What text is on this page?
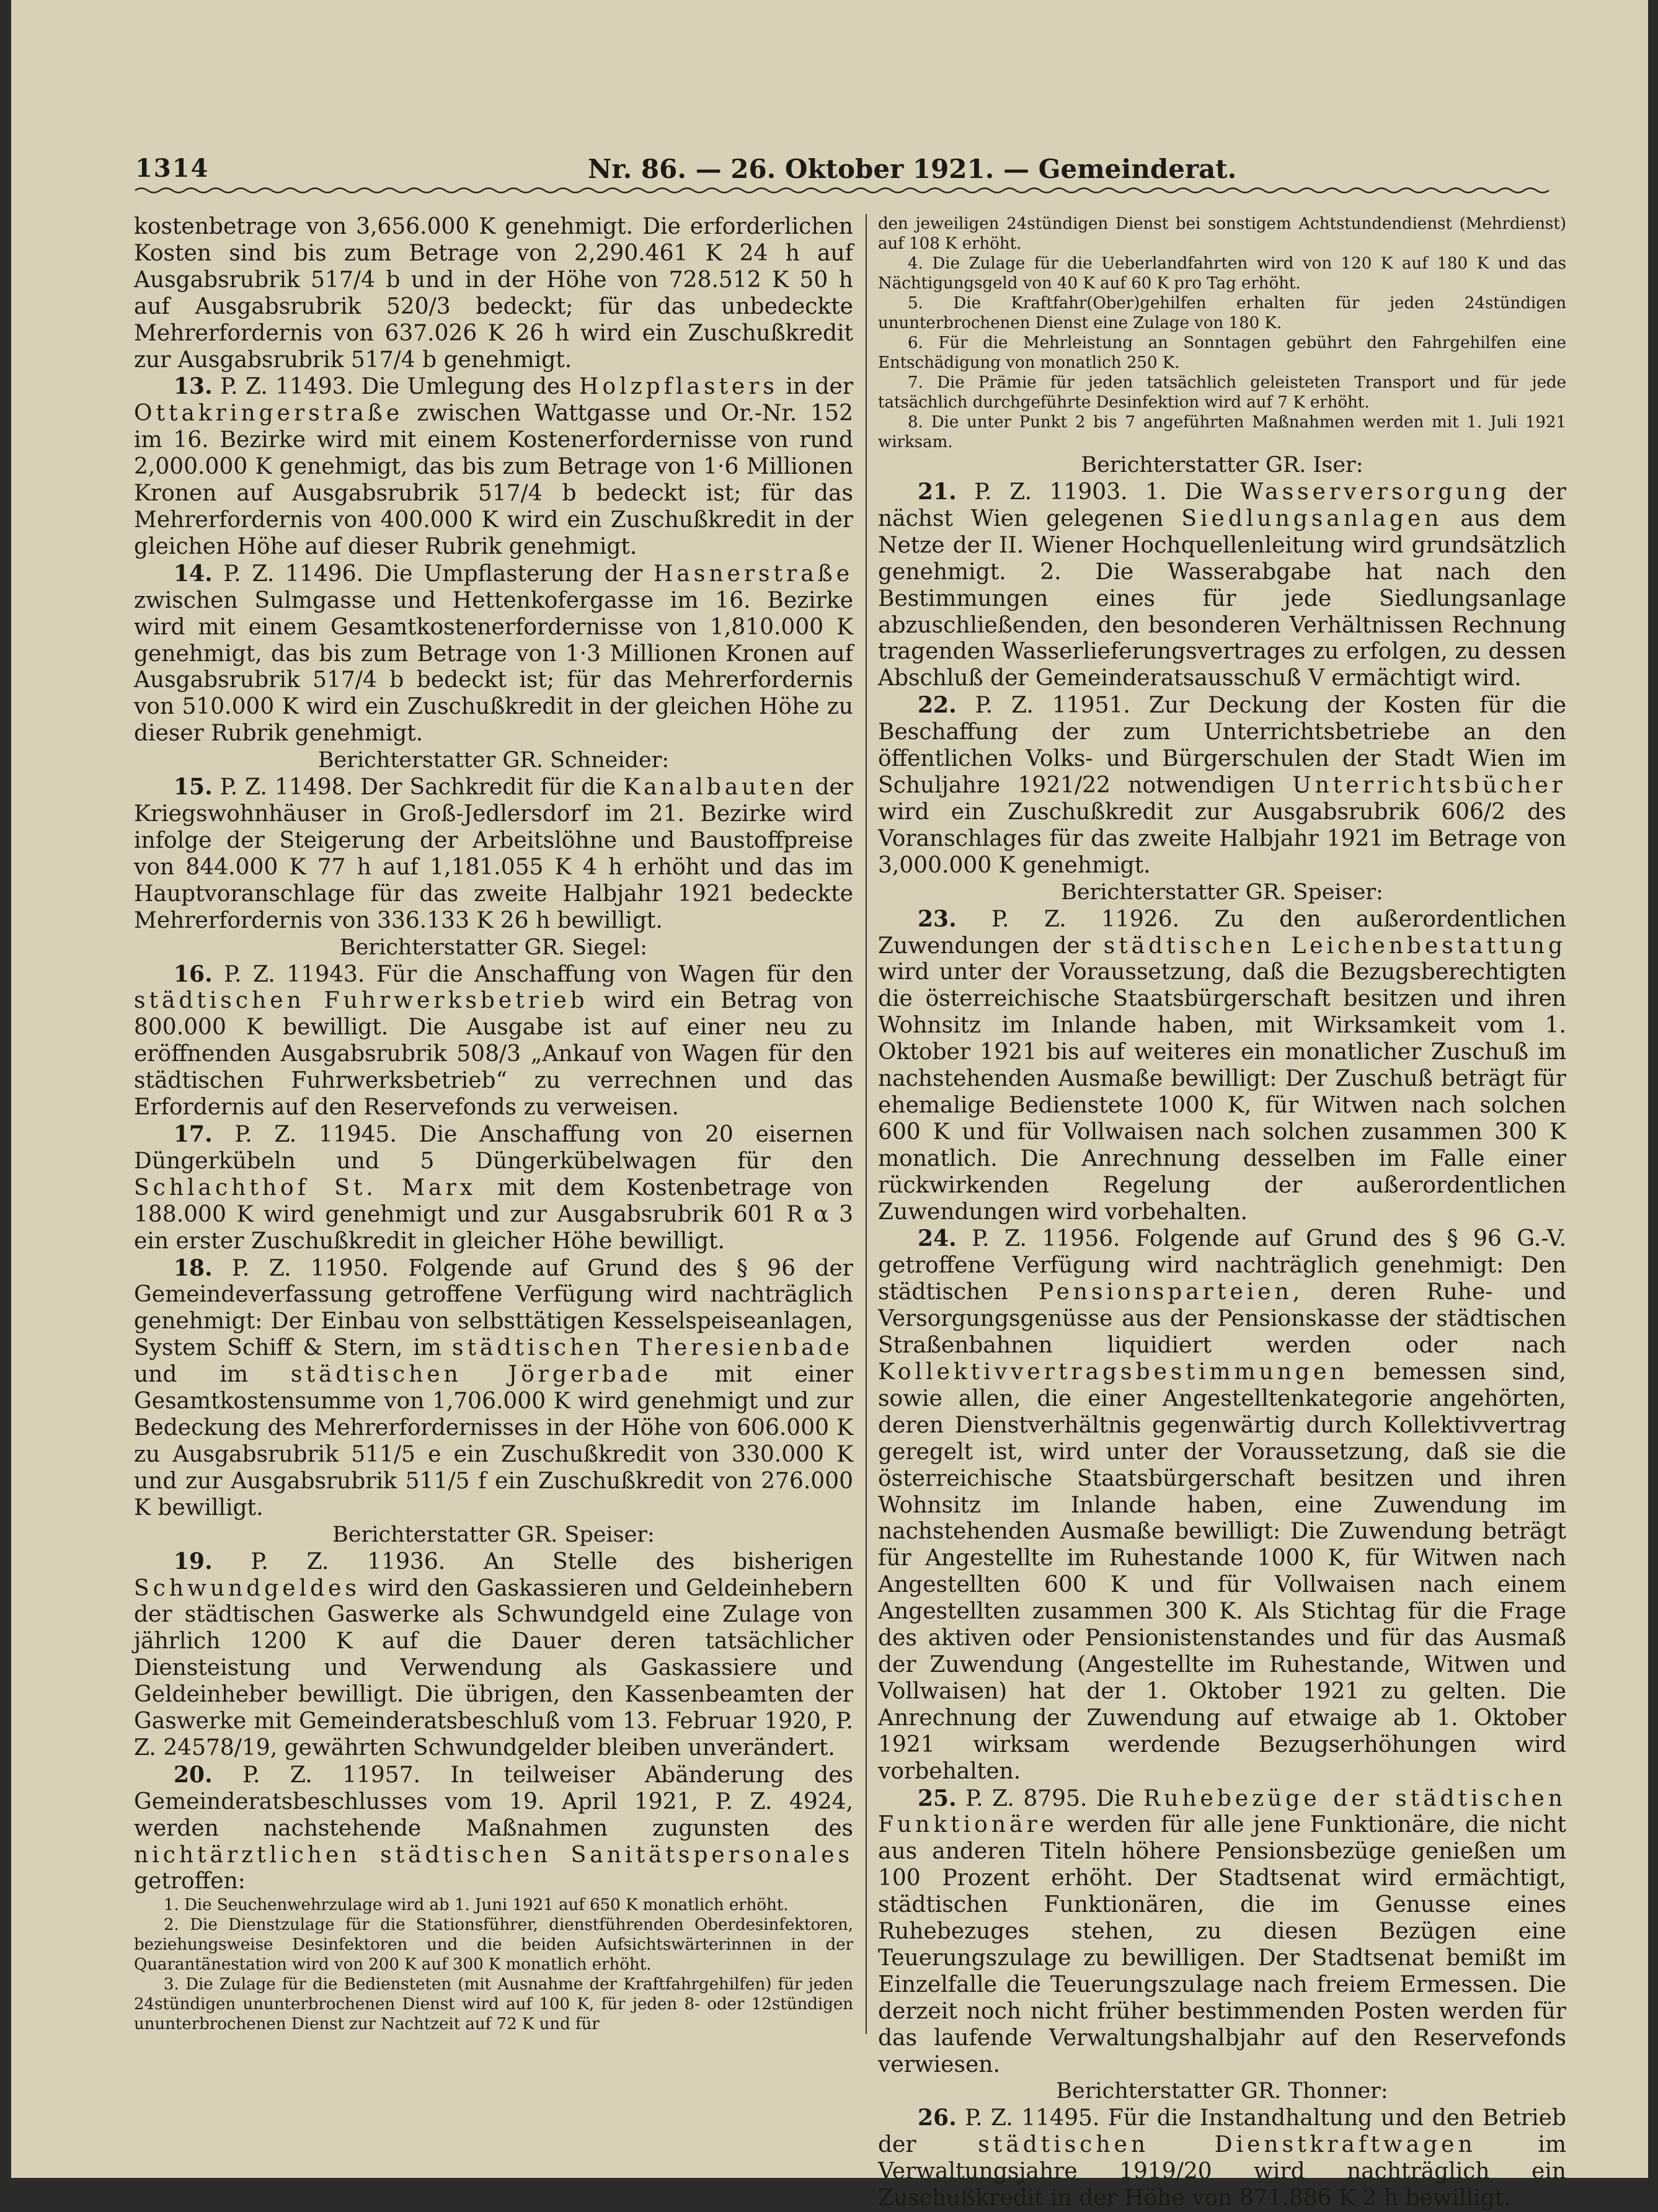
1314	Nr. 86. — 26. Oktober 1921. — Gemeinderat.

kostenbetrage von 3,656.000 K genehmigt. Die erforderlichen Kosten sind bis zum Betrage von 2,290.461 K 24 h auf Ausgabsrubrik 517/4 b und in der Höhe von 728.512 K 50 h auf Ausgabsrubrik 520/3 bedeckt; für das unbedeckte Mehrerfordernis von 637.026 K 26 h wird ein Zuschußkredit zur Ausgabsrubrik 517/4 b genehmigt.

13. P. Z. 11493. Die Umlegung des Holzpflasters in der Ottakringerstraße zwischen Wattgasse und Or.-Nr. 152 im 16. Bezirke wird mit einem Kostenerfordernisse von rund 2,000.000 K genehmigt, das bis zum Betrage von 1·6 Millionen Kronen auf Ausgabsrubrik 517/4 b bedeckt ist; für das Mehrerfordernis von 400.000 K wird ein Zuschußkredit in der gleichen Höhe auf dieser Rubrik genehmigt.

14. P. Z. 11496. Die Umpflasterung der Hasnerstraße zwischen Sulmgasse und Hettenkofergasse im 16. Bezirke wird mit einem Gesamtkostenerfordernisse von 1,810.000 K genehmigt, das bis zum Betrage von 1·3 Millionen Kronen auf Ausgabsrubrik 517/4 b bedeckt ist; für das Mehrerfordernis von 510.000 K wird ein Zuschußkredit in der gleichen Höhe zu dieser Rubrik genehmigt.

Berichterstatter GR. Schneider:

15. P. Z. 11498. Der Sachkredit für die Kanalbauten der Kriegswohnhäuser in Groß-Jedlersdorf im 21. Bezirke wird infolge der Steigerung der Arbeitslöhne und Baustoffpreise von 844.000 K 77 h auf 1,181.055 K 4 h erhöht und das im Hauptvoranschlage für das zweite Halbjahr 1921 bedeckte Mehrerfordernis von 336.133 K 26 h bewilligt.

Berichterstatter GR. Siegel:

16. P. Z. 11943. Für die Anschaffung von Wagen für den städtischen Fuhrwerksbetrieb wird ein Betrag von 800.000 K bewilligt. Die Ausgabe ist auf einer neu zu eröffnenden Ausgabsrubrik 508/3 „Ankauf von Wagen für den städtischen Fuhrwerksbetrieb“ zu verrechnen und das Erfordernis auf den Reservefonds zu verweisen.

17. P. Z. 11945. Die Anschaffung von 20 eisernen Düngerkübeln und 5 Düngerkübelwagen für den Schlachthof St. Marx mit dem Kostenbetrage von 188.000 K wird genehmigt und zur Ausgabsrubrik 601 R α 3 ein erster Zuschußkredit in gleicher Höhe bewilligt.

18. P. Z. 11950. Folgende auf Grund des § 96 der Gemeindeverfassung getroffene Verfügung wird nachträglich genehmigt: Der Einbau von selbsttätigen Kesselspeiseanlagen, System Schiff & Stern, im städtischen Theresienbade und im städtischen Jörgerbade mit einer Gesamtkostensumme von 1,706.000 K wird genehmigt und zur Bedeckung des Mehrerfordernisses in der Höhe von 606.000 K zu Ausgabsrubrik 511/5 e ein Zuschußkredit von 330.000 K und zur Ausgabsrubrik 511/5 f ein Zuschußkredit von 276.000 K bewilligt.

Berichterstatter GR. Speiser:

19. P. Z. 11936. An Stelle des bisherigen Schwundgeldes wird den Gaskassieren und Geldeinhebern der städtischen Gaswerke als Schwundgeld eine Zulage von jährlich 1200 K auf die Dauer deren tatsächlicher Diensteistung und Verwendung als Gaskassiere und Geldeinheber bewilligt. Die übrigen, den Kassenbeamten der Gaswerke mit Gemeinderatsbeschluß vom 13. Februar 1920, P. Z. 24578/19, gewährten Schwundgelder bleiben unverändert.

20. P. Z. 11957. In teilweiser Abänderung des Gemeinderatsbeschlusses vom 19. April 1921, P. Z. 4924, werden nachstehende Maßnahmen zugunsten des nichtärztlichen städtischen Sanitätspersonales getroffen:

1. Die Seuchenwehrzulage wird ab 1. Juni 1921 auf 650 K monatlich erhöht.

2. Die Dienstzulage für die Stationsführer, dienstführenden Oberdesinfektoren, beziehungsweise Desinfektoren und die beiden Aufsichtswärterinnen in der Quarantänestation wird von 200 K auf 300 K monatlich erhöht.

3. Die Zulage für die Bediensteten (mit Ausnahme der Kraftfahrgehilfen) für jeden 24stündigen ununterbrochenen Dienst wird auf 100 K, für jeden 8- oder 12stündigen ununterbrochenen Dienst zur Nachtzeit auf 72 K und für

den jeweiligen 24stündigen Dienst bei sonstigem Achtstundendienst (Mehrdienst) auf 108 K erhöht.

4. Die Zulage für die Ueberlandfahrten wird von 120 K auf 180 K und das Nächtigungsgeld von 40 K auf 60 K pro Tag erhöht.

5. Die Kraftfahr(Ober)gehilfen erhalten für jeden 24stündigen ununterbrochenen Dienst eine Zulage von 180 K.

6. Für die Mehrleistung an Sonntagen gebührt den Fahrgehilfen eine Entschädigung von monatlich 250 K.

7. Die Prämie für jeden tatsächlich geleisteten Transport und für jede tatsächlich durchgeführte Desinfektion wird auf 7 K erhöht.

8. Die unter Punkt 2 bis 7 angeführten Maßnahmen werden mit 1. Juli 1921 wirksam.

Berichterstatter GR. Iser:

21. P. Z. 11903. 1. Die Wasserversorgung der nächst Wien gelegenen Siedlungsanlagen aus dem Netze der II. Wiener Hochquellenleitung wird grundsätzlich genehmigt. 2. Die Wasserabgabe hat nach den Bestimmungen eines für jede Siedlungsanlage abzuschließenden, den besonderen Verhältnissen Rechnung tragenden Wasserlieferungsvertrages zu erfolgen, zu dessen Abschluß der Gemeinderatsausschuß V ermächtigt wird.

22. P. Z. 11951. Zur Deckung der Kosten für die Beschaffung der zum Unterrichtsbetriebe an den öffentlichen Volks- und Bürgerschulen der Stadt Wien im Schuljahre 1921/22 notwendigen Unterrichtsbücher wird ein Zuschußkredit zur Ausgabsrubrik 606/2 des Voranschlages für das zweite Halbjahr 1921 im Betrage von 3,000.000 K genehmigt.

Berichterstatter GR. Speiser:

23. P. Z. 11926. Zu den außerordentlichen Zuwendungen der städtischen Leichenbestattung wird unter der Voraussetzung, daß die Bezugsberechtigten die österreichische Staatsbürgerschaft besitzen und ihren Wohnsitz im Inlande haben, mit Wirksamkeit vom 1. Oktober 1921 bis auf weiteres ein monatlicher Zuschuß im nachstehenden Ausmaße bewilligt: Der Zuschuß beträgt für ehemalige Bedienstete 1000 K, für Witwen nach solchen 600 K und für Vollwaisen nach solchen zusammen 300 K monatlich. Die Anrechnung desselben im Falle einer rückwirkenden Regelung der außerordentlichen Zuwendungen wird vorbehalten.

24. P. Z. 11956. Folgende auf Grund des § 96 G.-V. getroffene Verfügung wird nachträglich genehmigt: Den städtischen Pensionsparteien, deren Ruhe- und Versorgungsgenüsse aus der Pensionskasse der städtischen Straßenbahnen liquidiert werden oder nach Kollektivvertragsbestimmungen bemessen sind, sowie allen, die einer Angestelltenkategorie angehörten, deren Dienstverhältnis gegenwärtig durch Kollektivvertrag geregelt ist, wird unter der Voraussetzung, daß sie die österreichische Staatsbürgerschaft besitzen und ihren Wohnsitz im Inlande haben, eine Zuwendung im nachstehenden Ausmaße bewilligt: Die Zuwendung beträgt für Angestellte im Ruhestande 1000 K, für Witwen nach Angestellten 600 K und für Vollwaisen nach einem Angestellten zusammen 300 K. Als Stichtag für die Frage des aktiven oder Pensionistenstandes und für das Ausmaß der Zuwendung (Angestellte im Ruhestande, Witwen und Vollwaisen) hat der 1. Oktober 1921 zu gelten. Die Anrechnung der Zuwendung auf etwaige ab 1. Oktober 1921 wirksam werdende Bezugserhöhungen wird vorbehalten.

25. P. Z. 8795. Die Ruhebezüge der städtischen Funktionäre werden für alle jene Funktionäre, die nicht aus anderen Titeln höhere Pensionsbezüge genießen um 100 Prozent erhöht. Der Stadtsenat wird ermächtigt, städtischen Funktionären, die im Genusse eines Ruhebezuges stehen, zu diesen Bezügen eine Teuerungszulage zu bewilligen. Der Stadtsenat bemißt im Einzelfalle die Teuerungszulage nach freiem Ermessen. Die derzeit noch nicht früher bestimmenden Posten werden für das laufende Verwaltungshalbjahr auf den Reservefonds verwiesen.

Berichterstatter GR. Thonner:

26. P. Z. 11495. Für die Instandhaltung und den Betrieb der	städtischen Dienstkraftwagen	im Verwaltungsjahre 1919/20 wird nachträglich ein Zuschußkredit in der Höhe von 871.886 K 2 h bewilligt.
